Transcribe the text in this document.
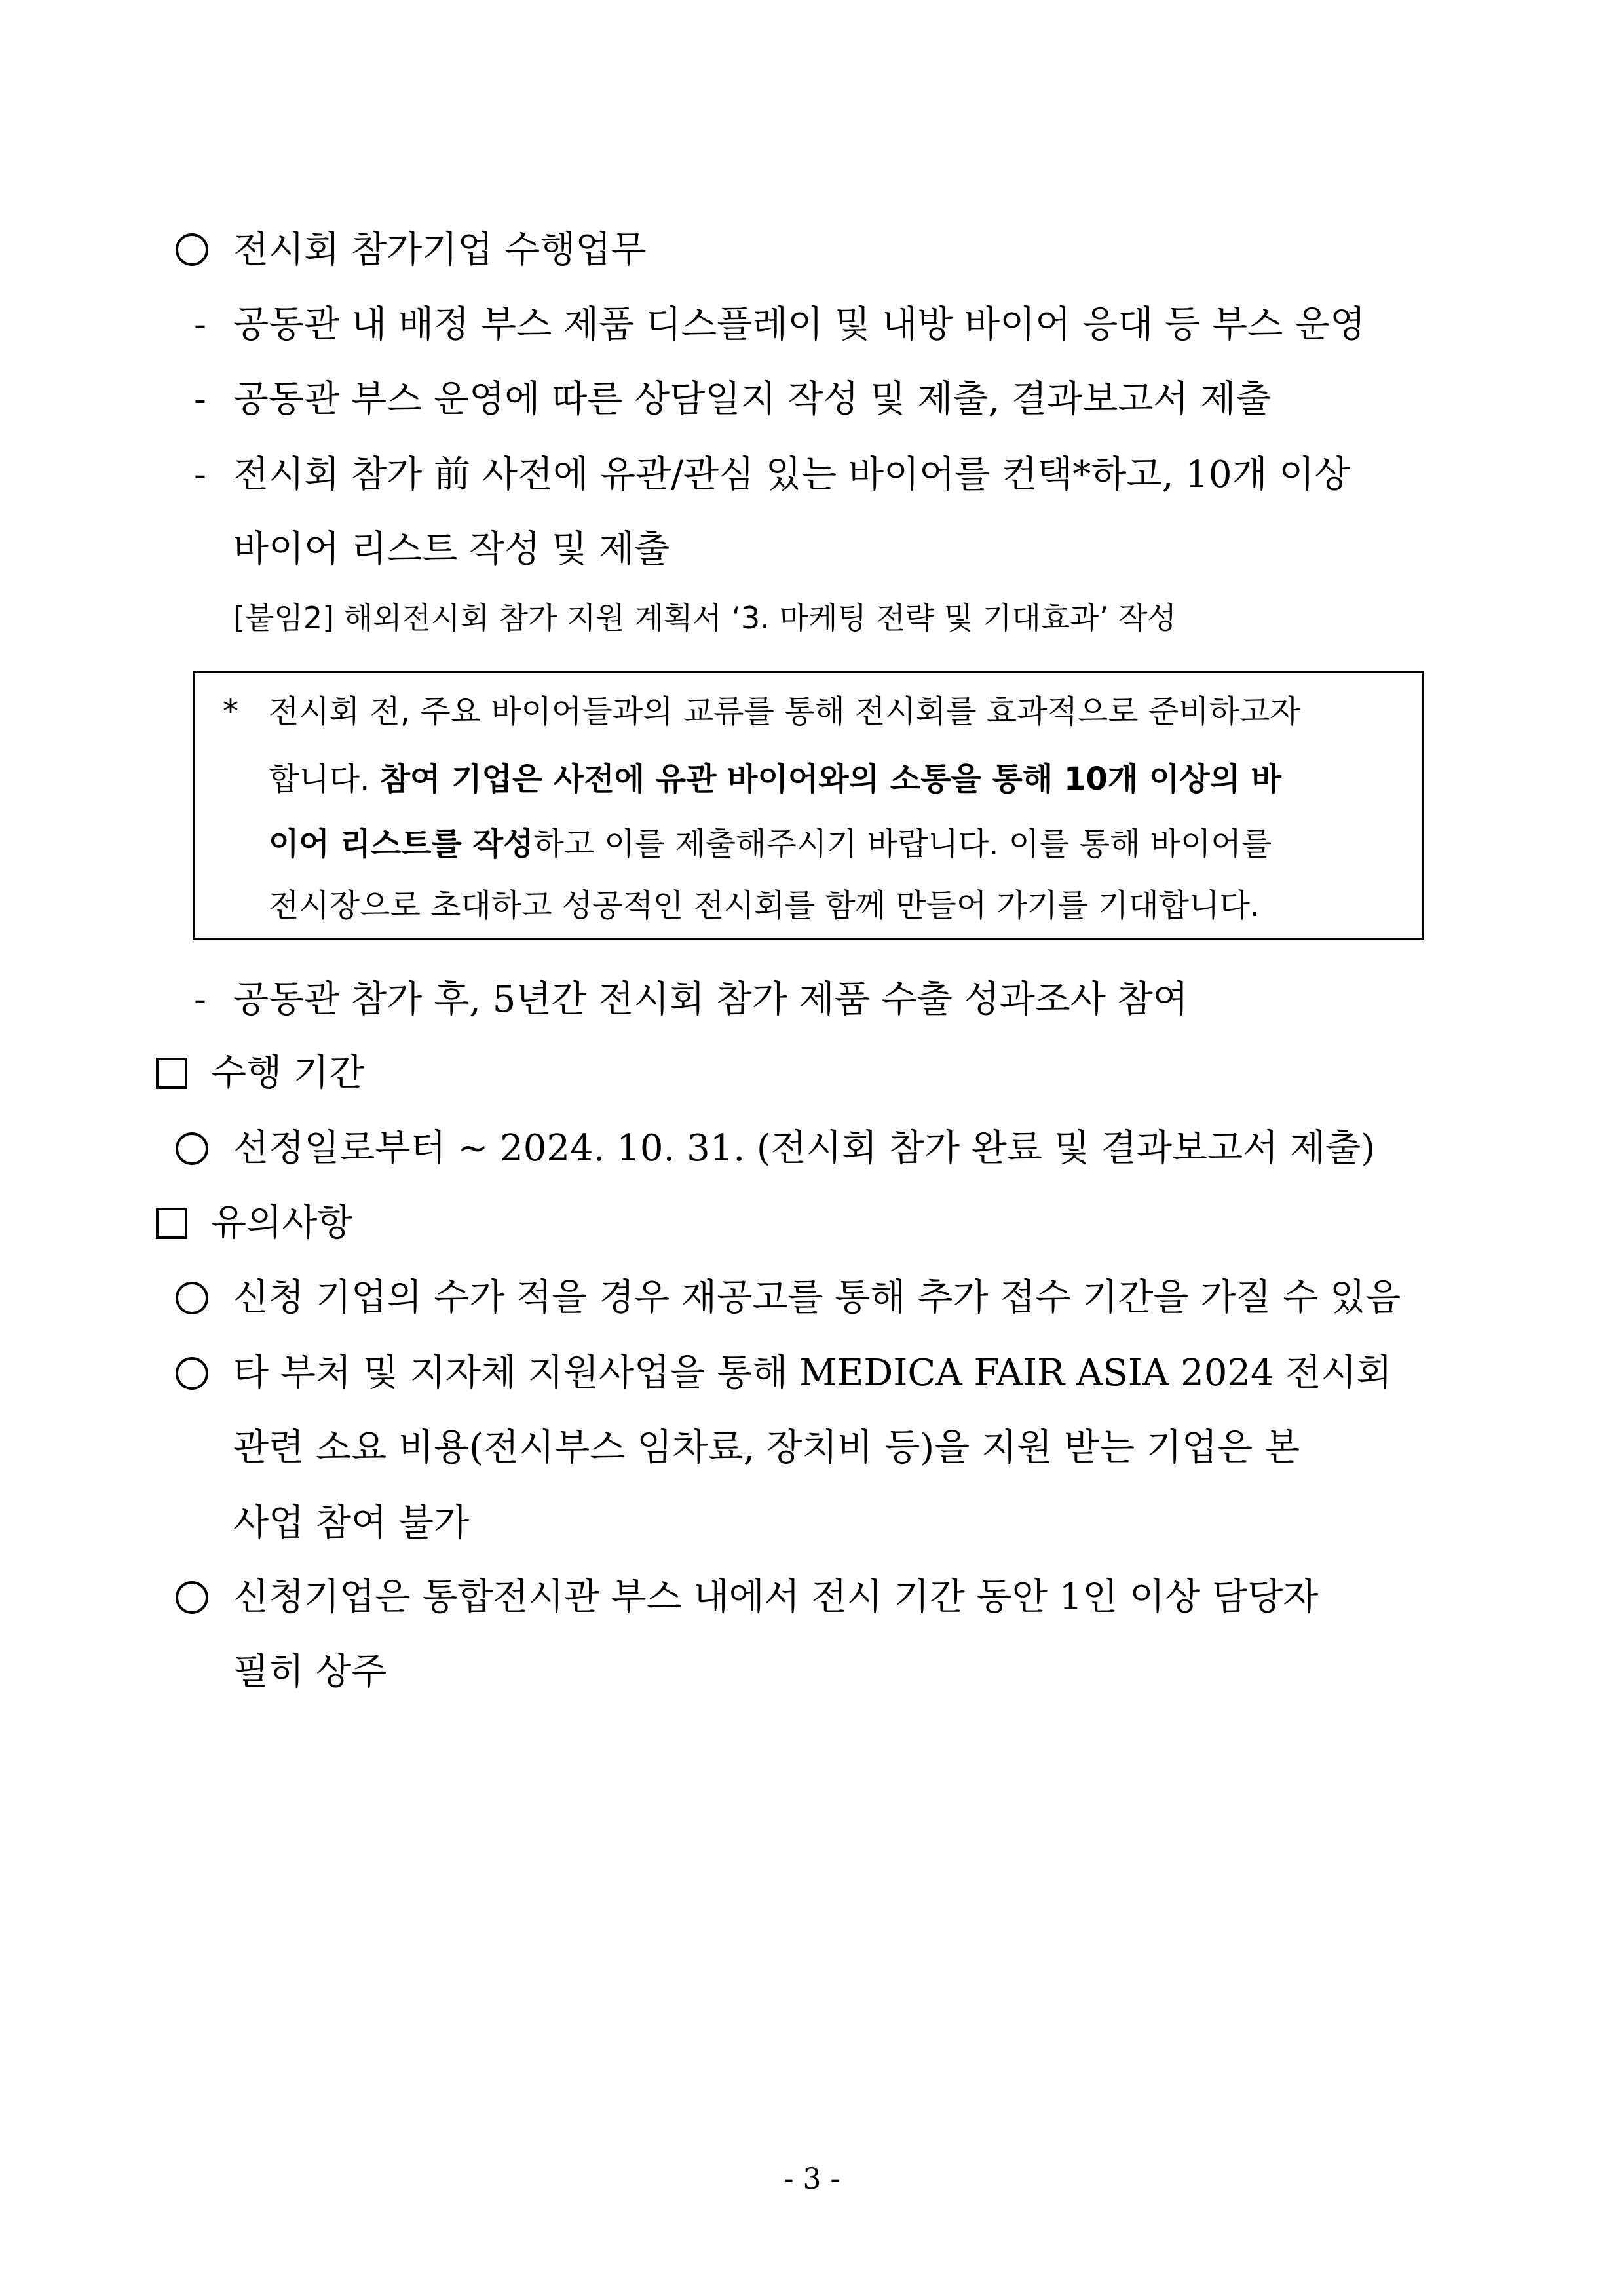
전시회 참가기업 수행업무
- 공동관 내 배정 부스 제품 디스플레이 및 내방 바이어 응대 등 부스 운영
- 공동관 부스 운영에 따른 상담일지 작성 및 제출, 결과보고서 제출
- 전시회 참가 前 사전에 유관/관심 있는 바이어를 컨택*하고, 10개 이상
바이어 리스트 작성 및 제출
[붙임2] 해외전시회 참가 지원 계획서 ‘3. 마케팅 전략 및 기대효과’ 작성
* 전시회 전, 주요 바이어들과의 교류를 통해 전시회를 효과적으로 준비하고자
합니다. 참여 기업은 사전에 유관 바이어와의 소통을 통해 10개 이상의 바
이어 리스트를 작성하고 이를 제출해주시기 바랍니다. 이를 통해 바이어를
전시장으로 초대하고 성공적인 전시회를 함께 만들어 가기를 기대합니다.
- 공동관 참가 후, 5년간 전시회 참가 제품 수출 성과조사 참여
수행 기간
선정일로부터 ~ 2024. 10. 31. (전시회 참가 완료 및 결과보고서 제출)
유의사항
신청 기업의 수가 적을 경우 재공고를 통해 추가 접수 기간을 가질 수 있음
타 부처 및 지자체 지원사업을 통해 MEDICA FAIR ASIA 2024 전시회
관련 소요 비용(전시부스 임차료, 장치비 등)을 지원 받는 기업은 본
사업 참여 불가
신청기업은 통합전시관 부스 내에서 전시 기간 동안 1인 이상 담당자
필히 상주
- 3 -
